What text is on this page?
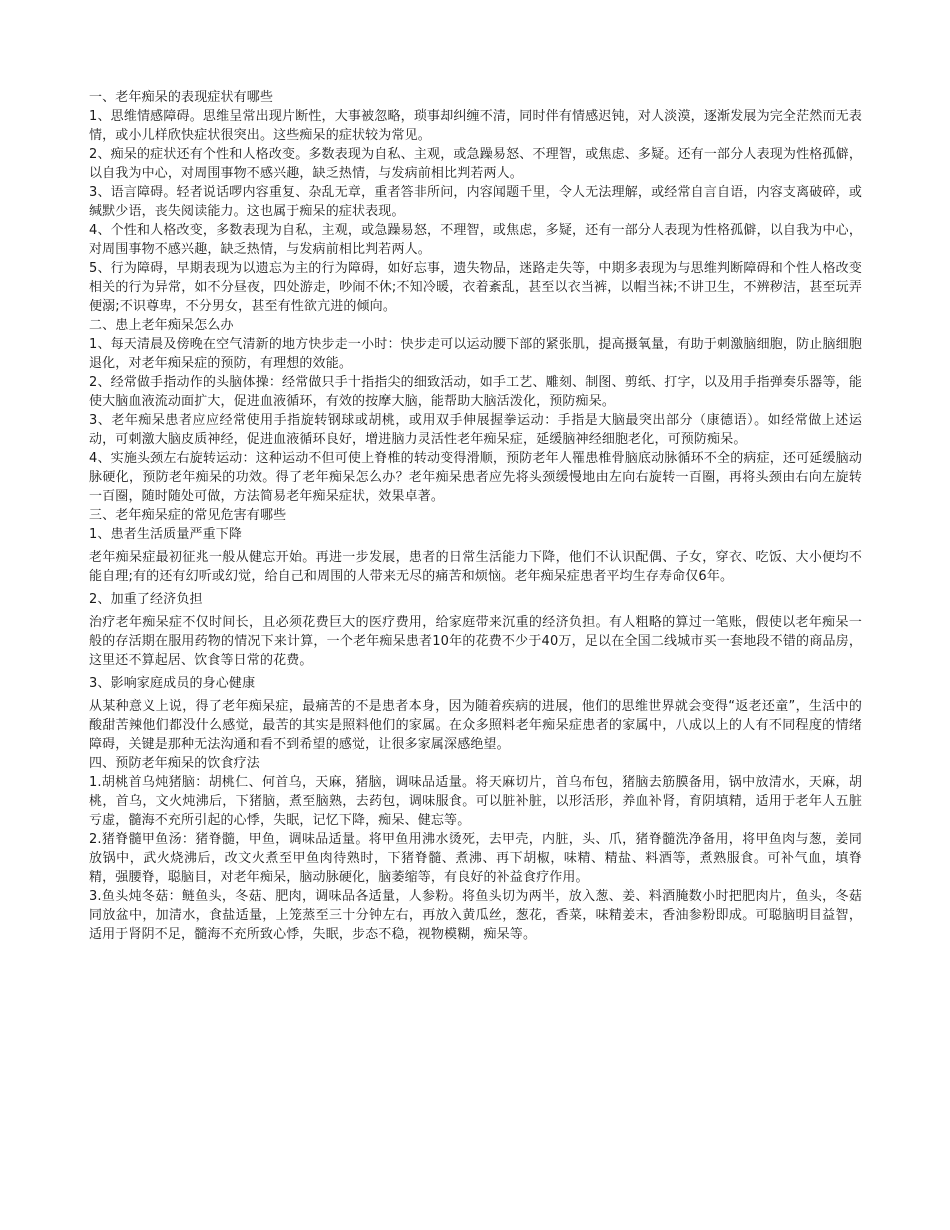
一、老年痴呆的表现症状有哪些

1、思维情感障碍。思维呈常出现片断性，大事被忽略，琐事却纠缠不清，同时伴有情感迟钝，对人淡漠，逐渐发展为完全茫然而无表情，或小儿样欣快症状很突出。这些痴呆的症状较为常见。

2、痴呆的症状还有个性和人格改变。多数表现为自私、主观，或急躁易怒、不理智，或焦虑、多疑。还有一部分人表现为性格孤僻，以自我为中心，对周围事物不感兴趣，缺乏热情，与发病前相比判若两人。

3、语言障碍。轻者说话啰内容重复、杂乱无章，重者答非所问，内容闻题千里，令人无法理解，或经常自言自语，内容支离破碎，或缄默少语，丧失阅读能力。这也属于痴呆的症状表现。

4、个性和人格改变，多数表现为自私，主观，或急躁易怒，不理智，或焦虑，多疑，还有一部分人表现为性格孤僻，以自我为中心，对周围事物不感兴趣，缺乏热情，与发病前相比判若两人。

5、行为障碍，早期表现为以遗忘为主的行为障碍，如好忘事，遗失物品，迷路走失等，中期多表现为与思维判断障碍和个性人格改变相关的行为异常，如不分昼夜，四处游走，吵闹不休;不知冷暖，衣着紊乱，甚至以衣当裤，以帽当袜;不讲卫生，不辨秽洁，甚至玩弄便溺;不识尊卑，不分男女，甚至有性欲亢进的倾向。

二、患上老年痴呆怎么办

1、每天清晨及傍晚在空气清新的地方快步走一小时：快步走可以运动腰下部的紧张肌，提高摄氧量，有助于刺激脑细胞，防止脑细胞退化，对老年痴呆症的预防，有理想的效能。

2、经常做手指动作的头脑体操：经常做只手十指指尖的细致活动，如手工艺、雕刻、制图、剪纸、打字，以及用手指弹奏乐器等，能使大脑血液流动面扩大，促进血液循环，有效的按摩大脑，能帮助大脑活泼化，预防痴呆。

3、老年痴呆患者应应经常使用手指旋转钢球或胡桃，或用双手伸展握拳运动：手指是大脑最突出部分（康德语）。如经常做上述运动，可刺激大脑皮质神经，促进血液循环良好，增进脑力灵活性老年痴呆症，延缓脑神经细胞老化，可预防痴呆。

4、实施头颈左右旋转运动：这种运动不但可使上脊椎的转动变得滑顺，预防老年人罹患椎骨脑底动脉循环不全的病症，还可延缓脑动脉硬化，预防老年痴呆的功效。得了老年痴呆怎么办？老年痴呆患者应先将头颈缓慢地由左向右旋转一百圈，再将头颈由右向左旋转一百圈，随时随处可做，方法简易老年痴呆症状，效果卓著。

三、老年痴呆症的常见危害有哪些

1、患者生活质量严重下降

老年痴呆症最初征兆一般从健忘开始。再进一步发展，患者的日常生活能力下降，他们不认识配偶、子女，穿衣、吃饭、大小便均不能自理;有的还有幻听或幻觉，给自己和周围的人带来无尽的痛苦和烦恼。老年痴呆症患者平均生存寿命仅6年。

2、加重了经济负担

治疗老年痴呆症不仅时间长，且必须花费巨大的医疗费用，给家庭带来沉重的经济负担。有人粗略的算过一笔账，假使以老年痴呆一般的存活期在服用药物的情况下来计算，一个老年痴呆患者10年的花费不少于40万，足以在全国二线城市买一套地段不错的商品房，这里还不算起居、饮食等日常的花费。

3、影响家庭成员的身心健康

从某种意义上说，得了老年痴呆症，最痛苦的不是患者本身，因为随着疾病的进展，他们的思维世界就会变得“返老还童”，生活中的酸甜苦辣他们都没什么感觉，最苦的其实是照料他们的家属。在众多照料老年痴呆症患者的家属中，八成以上的人有不同程度的情绪障碍，关键是那种无法沟通和看不到希望的感觉，让很多家属深感绝望。

四、预防老年痴呆的饮食疗法

1.胡桃首乌炖猪脑：胡桃仁、何首乌，天麻，猪脑，调味品适量。将天麻切片，首乌布包，猪脑去筋膜备用，锅中放清水，天麻，胡桃，首乌，文火炖沸后，下猪脑，煮至脑熟，去药包，调味服食。可以脏补脏，以形活形，养血补肾，育阴填精，适用于老年人五脏亏虚，髓海不充所引起的心悸，失眠，记忆下降，痴呆、健忘等。

2.猪脊髓甲鱼汤：猪脊髓，甲鱼，调味品适量。将甲鱼用沸水烫死，去甲壳，内脏，头、爪，猪脊髓洗净备用，将甲鱼肉与葱，姜同放锅中，武火烧沸后，改文火煮至甲鱼肉待熟时，下猪脊髓、煮沸、再下胡椒，味精、精盐、料酒等，煮熟服食。可补气血，填脊精，强腰脊，聪脑目，对老年痴呆，脑动脉硬化，脑萎缩等，有良好的补益食疗作用。

3.鱼头炖冬菇：鲢鱼头，冬菇、肥肉，调味品各适量，人参粉。将鱼头切为两半，放入葱、姜、料酒腌数小时把肥肉片，鱼头，冬菇同放盆中，加清水，食盐适量，上笼蒸至三十分钟左右，再放入黄瓜丝，葱花，香菜，味精姜末，香油参粉即成。可聪脑明目益智，适用于肾阴不足，髓海不充所致心悸，失眠，步态不稳，视物模糊，痴呆等。
